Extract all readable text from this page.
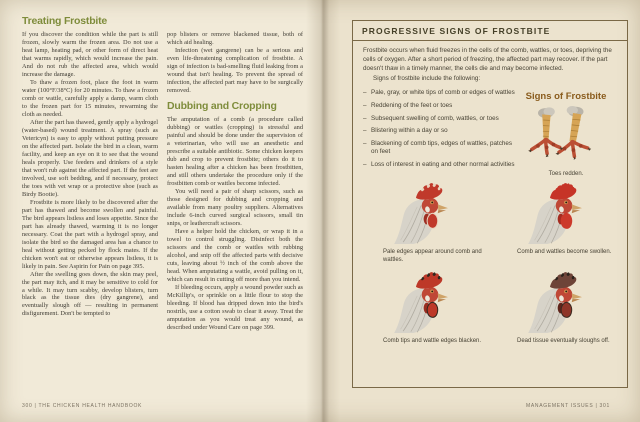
Treating Frostbite

If you discover the condition while the part is still frozen, slowly warm the frozen area. Do not use a heat lamp, heating pad, or other form of direct heat that warms rapidly, which would increase the pain. And do not rub the affected area, which would increase the damage.

To thaw a frozen foot, place the foot in warm water (100°F/38°C) for 20 minutes. To thaw a frozen comb or wattle, carefully apply a damp, warm cloth to the frozen part for 15 minutes, rewarming the cloth as needed.

After the part has thawed, gently apply a hydrogel (water-based) wound treatment. A spray (such as Vetericyn) is easy to apply without putting pressure on the affected part. Isolate the bird in a clean, warm facility, and keep an eye on it to see that the wound heals properly. Use feeders and drinkers of a style that won't rub against the affected part. If the feet are involved, use soft bedding, and if necessary, protect the toes with vet wrap or a protective shoe (such as Birdy Bootie).

Frostbite is more likely to be discovered after the part has thawed and become swollen and painful. The bird appears listless and loses appetite. Since the part has already thawed, warming it is no longer necessary. Coat the part with a hydrogel spray, and isolate the bird so the damaged area has a chance to heal without getting pecked by flock mates. If the chicken won't eat or otherwise appears listless, it is likely in pain. See Aspirin for Pain on page 395.

After the swelling goes down, the skin may peel, the part may itch, and it may be sensitive to cold for a while. It may turn scabby, develop blisters, turn black as the tissue dies (dry gangrene), and eventually slough off — resulting in permanent disfigurement. Don't be tempted to

pop blisters or remove blackened tissue, both of which aid healing.

Infection (wet gangrene) can be a serious and even life-threatening complication of frostbite. A sign of infection is bad-smelling fluid leaking from a wound that isn't healing. To prevent the spread of infection, the affected part may have to be surgically removed.

Dubbing and Cropping

The amputation of a comb (a procedure called dubbing) or wattles (cropping) is stressful and painful and should be done under the supervision of a veterinarian, who will use an anesthetic and prescribe a suitable antibiotic. Some chicken keepers dub and crop to prevent frostbite; others do it to hasten healing after a chicken has been frostbitten, and still others undertake the procedure only if the frostbitten comb or wattles become infected.

You will need a pair of sharp scissors, such as those designed for dubbing and cropping and available from many poultry suppliers. Alternatives include 6-inch curved surgical scissors, small tin snips, or leathercraft scissors.

Have a helper hold the chicken, or wrap it in a towel to control struggling. Disinfect both the scissors and the comb or wattles with rubbing alcohol, and snip off the affected parts with decisive cuts, leaving about ½ inch of the comb above the head. When amputating a wattle, avoid pulling on it, which can result in cutting off more than you intend.

If bleeding occurs, apply a wound powder such as McKillip's, or sprinkle on a little flour to stop the bleeding. If blood has dripped down into the bird's nostrils, use a cotton swab to clear it away. Treat the amputation as you would treat any wound, as described under Wound Care on page 399.

300 | THE CHICKEN HEALTH HANDBOOK
PROGRESSIVE SIGNS OF FROSTBITE

Frostbite occurs when fluid freezes in the cells of the comb, wattles, or toes, depriving the cells of oxygen. After a short period of freezing, the affected part may recover. If the part doesn't thaw in a timely manner, the cells die and may become infected.

Signs of frostbite include the following:

– Pale, gray, or white tips of comb or edges of wattles
– Reddening of the feet or toes
– Subsequent swelling of comb, wattles, or toes
– Blistering within a day or so
– Blackening of comb tips, edges of wattles, patches on feet
– Loss of interest in eating and other normal activities
Signs of Frostbite
Toes redden.
Pale edges appear around comb and wattles.
Comb and wattles become swollen.
Comb tips and wattle edges blacken.	Dead tissue eventually sloughs off.
MANAGEMENT ISSUES | 301
